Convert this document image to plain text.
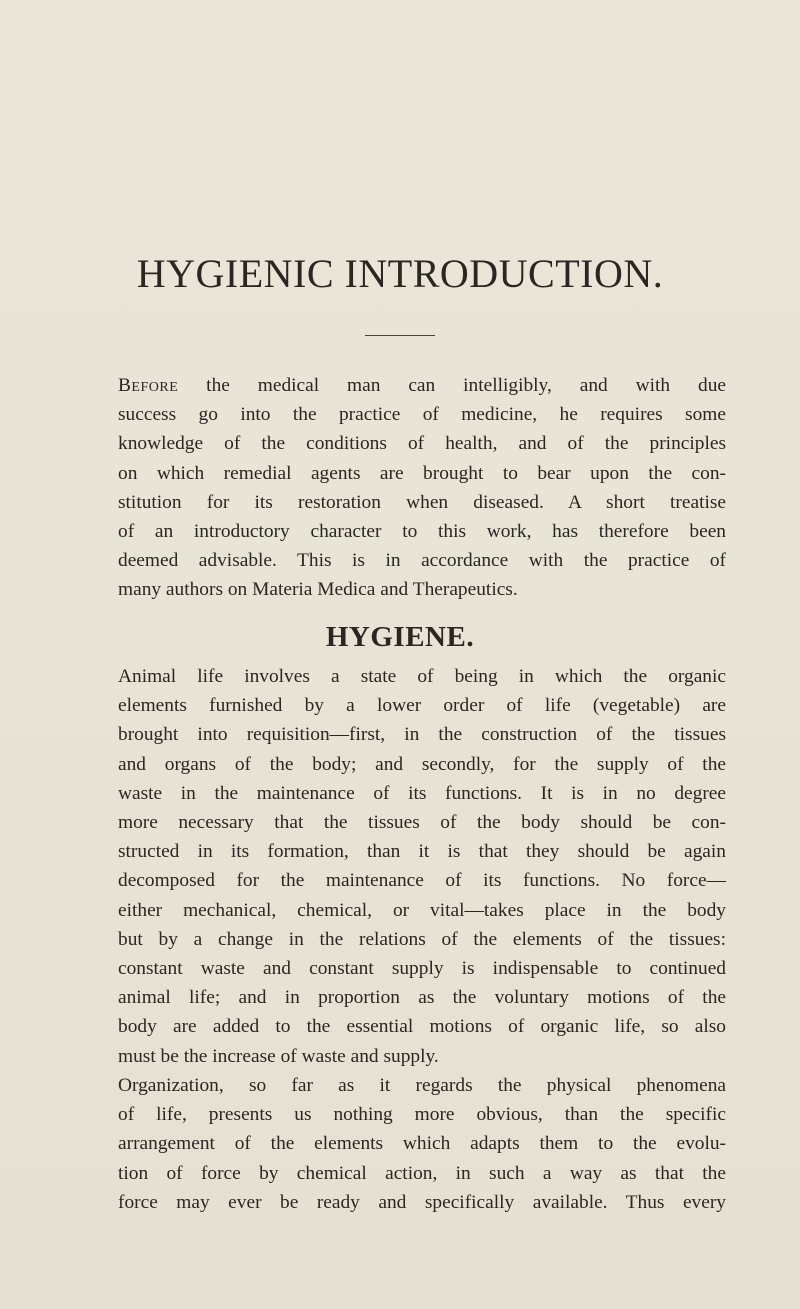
HYGIENIC INTRODUCTION.

Before the medical man can intelligibly, and with due
success go into the practice of medicine, he requires some
knowledge of the conditions of health, and of the principles
on which remedial agents are brought to bear upon the con-
stitution for its restoration when diseased. A short treatise
of an introductory character to this work, has therefore been
deemed advisable. This is in accordance with the practice of
many authors on Materia Medica and Therapeutics.

HYGIENE.

Animal life involves a state of being in which the organic
elements furnished by a lower order of life (vegetable) are
brought into requisition—first, in the construction of the tissues
and organs of the body; and secondly, for the supply of the
waste in the maintenance of its functions. It is in no degree
more necessary that the tissues of the body should be con-
structed in its formation, than it is that they should be again
decomposed for the maintenance of its functions. No force—
either mechanical, chemical, or vital—takes place in the body
but by a change in the relations of the elements of the tissues:
constant waste and constant supply is indispensable to continued
animal life; and in proportion as the voluntary motions of the
body are added to the essential motions of organic life, so also
must be the increase of waste and supply.

Organization, so far as it regards the physical phenomena
of life, presents us nothing more obvious, than the specific
arrangement of the elements which adapts them to the evolu-
tion of force by chemical action, in such a way as that the
force may ever be ready and specifically available. Thus every
